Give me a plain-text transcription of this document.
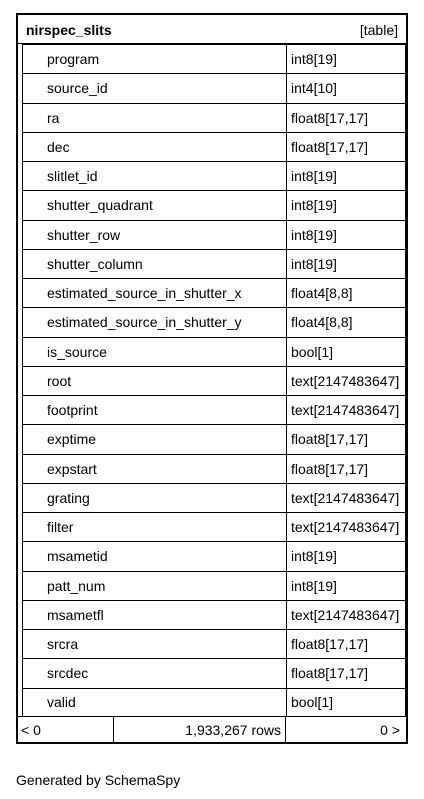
nirspec_slits	[table]
program	int8[19]
source_id	int4[10]
ra	float8[17,17]
dec	float8[17,17]
slitlet_id	int8[19]
shutter_quadrant	int8[19]
shutter_row	int8[19]
shutter_column	int8[19]
estimated_source_in_shutter_x	float4[8,8]
estimated_source_in_shutter_y	float4[8,8]
is_source	bool[1]
root	text[2147483647]
footprint	text[2147483647]
exptime	float8[17,17]
expstart	float8[17,17]
grating	text[2147483647]
filter	text[2147483647]
msametid	int8[19]
patt_num	int8[19]
msametfl	text[2147483647]
srcra	float8[17,17]
srcdec	float8[17,17]
valid	bool[1]
< 0	1,933,267 rows	0 >
Generated by SchemaSpy
